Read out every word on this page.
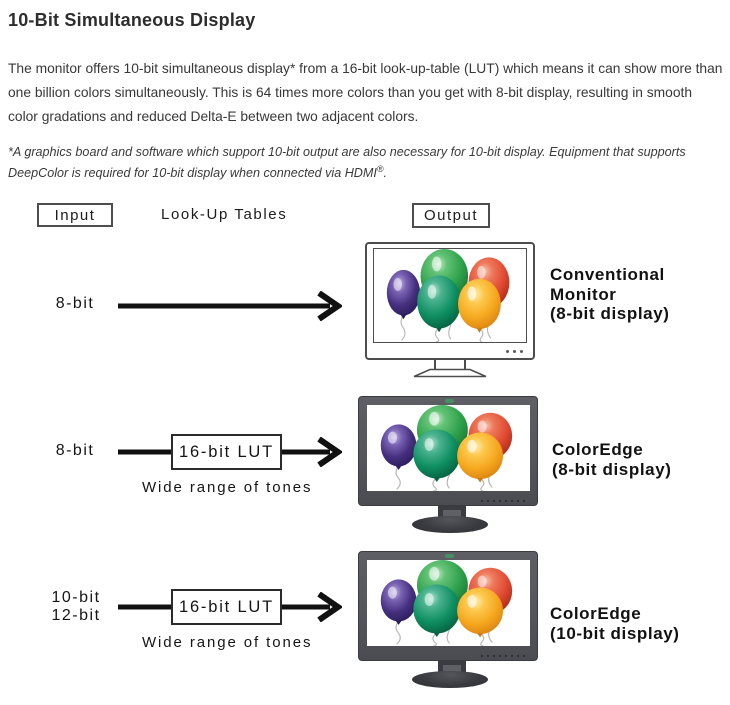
10-Bit Simultaneous Display

The monitor offers 10-bit simultaneous display* from a 16-bit look-up-table (LUT) which means it can show more than one billion colors simultaneously. This is 64 times more colors than you get with 8-bit display, resulting in smooth color gradations and reduced Delta-E between two adjacent colors.

*A graphics board and software which support 10-bit output are also necessary for 10-bit display. Equipment that supports DeepColor is required for 10-bit display when connected via HDMI®.

Input	Look-Up Tables	Output
8-bit
Conventional
Monitor
(8-bit display)
8-bit	16-bit LUT
Wide range of tones
ColorEdge
(8-bit display)
10-bit
12-bit	16-bit LUT
Wide range of tones
ColorEdge
(10-bit display)
